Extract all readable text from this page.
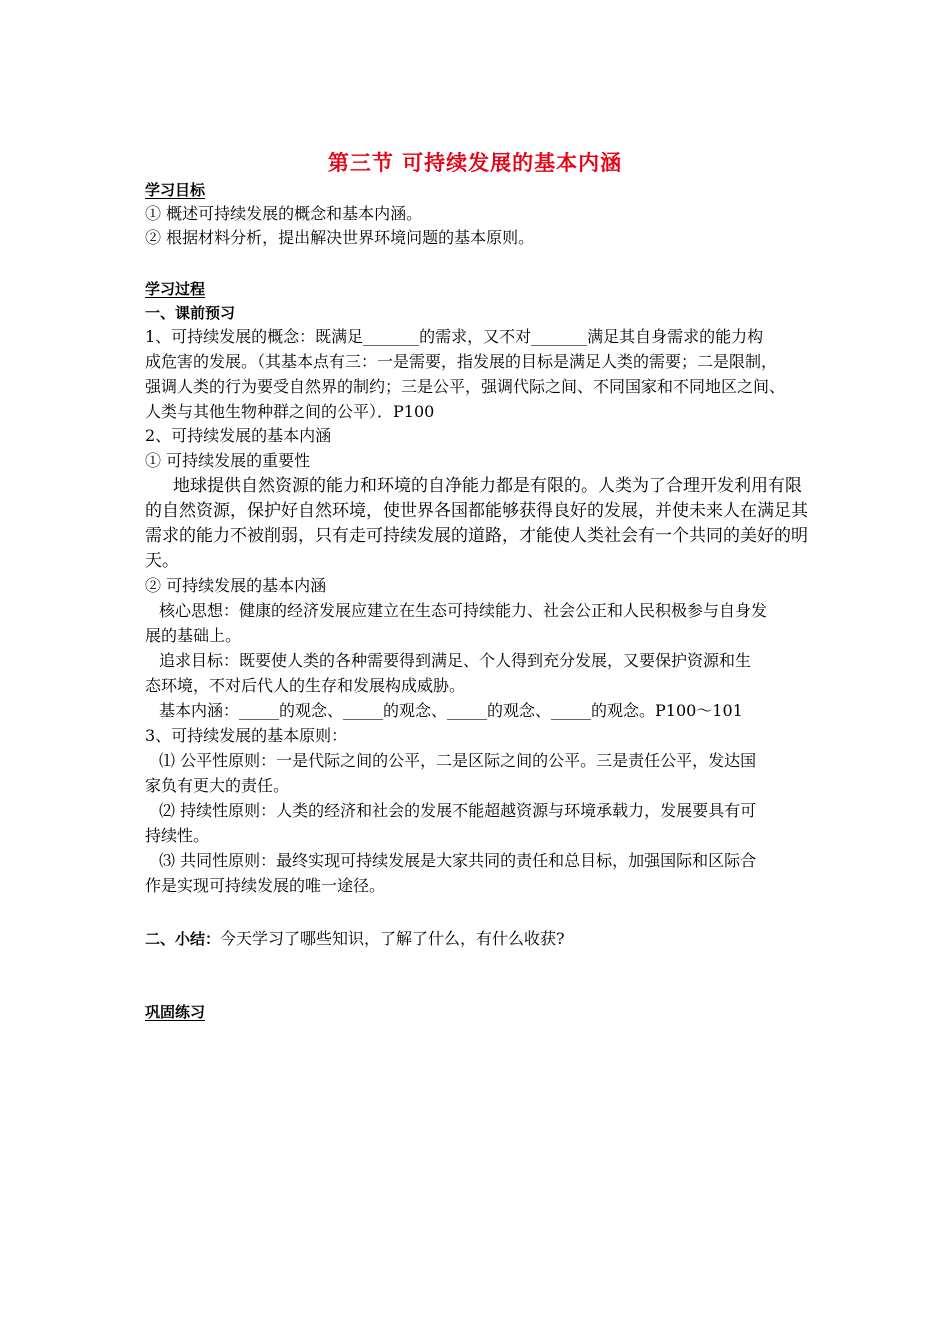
第三节 可持续发展的基本内涵
学习目标
① 概述可持续发展的概念和基本内涵。
② 根据材料分析，提出解决世界环境问题的基本原则。
学习过程
一、课前预习
1、可持续发展的概念：既满足_______的需求，又不对_______满足其自身需求的能力构
成危害的发展。（其基本点有三：一是需要，指发展的目标是满足人类的需要；二是限制，
强调人类的行为要受自然界的制约；三是公平，强调代际之间、不同国家和不同地区之间、
人类与其他生物种群之间的公平）．P100
2、可持续发展的基本内涵
① 可持续发展的重要性
地球提供自然资源的能力和环境的自净能力都是有限的。人类为了合理开发利用有限
的自然资源，保护好自然环境，使世界各国都能够获得良好的发展，并使未来人在满足其
需求的能力不被削弱，只有走可持续发展的道路，才能使人类社会有一个共同的美好的明
天。
② 可持续发展的基本内涵
核心思想：健康的经济发展应建立在生态可持续能力、社会公正和人民积极参与自身发
展的基础上。
追求目标：既要使人类的各种需要得到满足、个人得到充分发展，又要保护资源和生
态环境，不对后代人的生存和发展构成威胁。
基本内涵：_____的观念、_____的观念、_____的观念、_____的观念。P100～101
3、可持续发展的基本原则：
⑴ 公平性原则：一是代际之间的公平，二是区际之间的公平。三是责任公平，发达国
家负有更大的责任。
⑵ 持续性原则：人类的经济和社会的发展不能超越资源与环境承载力，发展要具有可
持续性。
⑶ 共同性原则：最终实现可持续发展是大家共同的责任和总目标，加强国际和区际合
作是实现可持续发展的唯一途径。
二、小结：今天学习了哪些知识，了解了什么，有什么收获?
巩固练习
